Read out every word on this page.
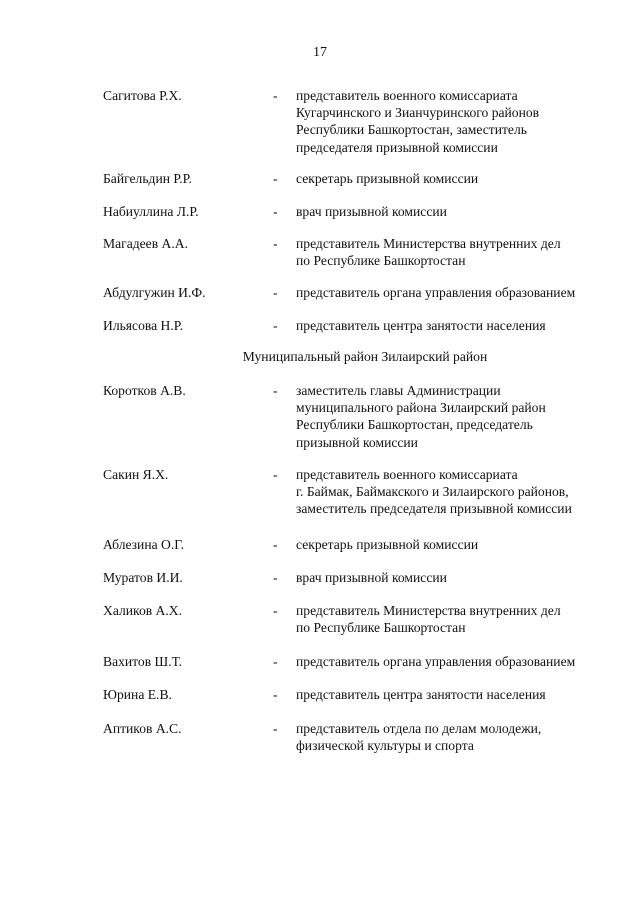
17
Сагитова Р.Х.	- представитель военного комиссариата
Кугарчинского и Зианчуринского районов
Республики Башкортостан, заместитель
председателя призывной комиссии
Байгельдин Р.Р.	- секретарь призывной комиссии
Набиуллина Л.Р.	- врач призывной комиссии
Магадеев А.А.	- представитель Министерства внутренних дел
по Республике Башкортостан
Абдулгужин И.Ф.	- представитель органа управления образованием
Ильясова Н.Р.	- представитель центра занятости населения
Муниципальный район Зилаирский район
Коротков А.В.	- заместитель главы Администрации
муниципального района Зилаирский район
Республики Башкортостан, председатель
призывной комиссии
Сакин Я.Х.	- представитель военного комиссариата
г. Баймак, Баймакского и Зилаирского районов,
заместитель председателя призывной комиссии
Аблезина О.Г.	- секретарь призывной комиссии
Муратов И.И.	- врач призывной комиссии
Халиков А.Х.	- представитель Министерства внутренних дел
по Республике Башкортостан
Вахитов Ш.Т.	- представитель органа управления образованием
Юрина Е.В.	- представитель центра занятости населения
Аптиков А.С.	- представитель отдела по делам молодежи,
физической культуры и спорта
